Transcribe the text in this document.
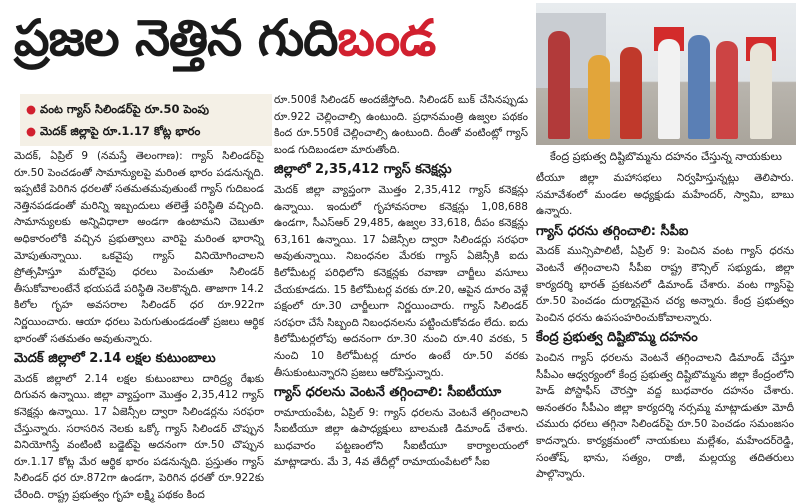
ప్రజల నెత్తిన గుదిబండ
కేంద్ర ప్రభుత్వ దిష్టిబొమ్మను దహనం చేస్తున్న నాయకులు
● వంట గ్యాస్ సిలిండర్‌పై రూ.50 పెంపు
● మెదక్ జిల్లాపై రూ.1.17 కోట్ల భారం

మెదక్, ఏప్రిల్ 9 (నమస్తే తెలంగాణ): గ్యాస్ సిలిండర్‌పై రూ.50 పెంచడంతో సామాన్యులపై మరింత భారం పడనున్నది. ఇప్పటికే పెరిగిన ధరలతో సతమతమవుతుంటే గ్యాస్ గుదిబండ నెత్తినపడడంతో మరిన్ని ఇబ్బందులు తలెత్తే పరిస్థితి వచ్చింది. సామాన్యులకు అన్నివిధాలా అండగా ఉంటామని చెబుతూ అధికారంలోకి వచ్చిన ప్రభుత్వాలు వారిపై మరింత భారాన్ని మోపుతున్నాయి. ఒకవైపు గ్యాస్ వినియోగించాలని ప్రోత్సహిస్తూ మరోవైపు ధరలు పెంచుతూ సిలిండర్‌ తీసుకోవాలంటేనే భయపడే పరిస్థితి నెలకొన్నది. తాజాగా 14.2 కిలోల గృహ అవసరాల సిలిండర్ ధర రూ.922గా నిర్ణయించారు. ఆయా ధరలు పెరుగుతుండడంతో ప్రజలు ఆర్థిక భారంతో సతమతం అవుతున్నారు.

మెదక్ జిల్లాలో 2.14 లక్షల కుటుంబాలు

మెదక్ జిల్లాలో 2.14 లక్షల కుటుంబాలు దారిద్ర్య రేఖకు దిగువన ఉన్నాయి. జిల్లా వ్యాప్తంగా మొత్తం 2,35,412 గ్యాస్ కనెక్షన్లు ఉన్నాయి. 17 ఏజెన్సీల ద్వారా సిలిండర్లను సరఫరా చేస్తున్నారు. సరాసరిన నెలకు ఒక్కో గ్యాస్ సిలిండర్‌ చొప్పున వినియోగిస్తే వంటింటి బడ్జెట్‌పై అదనంగా రూ.50 చొప్పున రూ.1.17 కోట్ల మేర ఆర్థిక భారం పడనున్నది. ప్రస్తుతం గ్యాస్ సిలిండర్ ధర రూ.872గా ఉండగా, పెరిగిన ధరతో రూ.922కు చేరింది. రాష్ట్ర ప్రభుత్వం గృహ లక్ష్మి పథకం కింద

రూ.500కే సిలిండర్ అందజేస్తోంది. సిలిండర్ బుక్ చేసినప్పుడు రూ.922 చెల్లించాల్సి ఉంటుంది. ప్రధానమంత్రి ఉజ్వల పథకం కింద రూ.550కే చెల్లించాల్సి ఉంటుంది. దీంతో వంటింట్లో గ్యాస్ బండ గుదిబండలా మారుతోంది.

జిల్లాలో 2,35,412 గ్యాస్ కనెక్షన్లు

మెదక్ జిల్లా వ్యాప్తంగా మొత్తం 2,35,412 గ్యాస్ కనెక్షన్లు ఉన్నాయి. ఇందులో గృహావసరాల కనెక్షన్లు 1,08,688 ఉండగా, సీఎస్‌ఆర్ 29,485, ఉజ్వల 33,618, దీపం కనెక్షన్లు 63,161 ఉన్నాయి. 17 ఏజెన్సీల ద్వారా సిలిండర్లు సరఫరా అవుతున్నాయి. నిబంధనల మేరకు గ్యాస్ ఏజెన్సీకి ఐదు కిలోమీటర్ల పరిధిలోని కనెక్షన్లకు రవాణా చార్జీలు వసూలు చేయకూడదు. 15 కిలోమీటర్ల వరకు రూ.20, ఆపైన దూరం వెళ్లే పక్షంలో రూ.30 చార్జీలుగా నిర్ణయించారు. గ్యాస్ సిలిండర్ సరఫరా చేసే సిబ్బంది నిబంధనలను పట్టించుకోవడం లేదు. ఐదు కిలోమీటర్లలోపు అదనంగా రూ.30 నుంచి రూ.40 వరకు, 5 నుంచి 10 కిలోమీటర్ల దూరం ఉంటే రూ.50 వరకు తీసుకుంటున్నారని ప్రజలు ఆరోపిస్తున్నారు.

గ్యాస్ ధరలను వెంటనే తగ్గించాలి: సీఐటీయూ

రామాయంపేట, ఏప్రిల్ 9: గ్యాస్ ధరలను వెంటనే తగ్గించాలని సీఐటీయూ జిల్లా ఉపాధ్యక్షులు బాలమణి డిమాండ్ చేశారు. బుధవారం పట్టణంలోని సీఐటీయూ కార్యాలయంలో మాట్లాడారు. మే 3, 4వ తేదీల్లో రామాయంపేటలో సీఐ

టీయూ జిల్లా మహాసభలు నిర్వహిస్తున్నట్లు తెలిపారు. సమావేశంలో మండల అధ్యక్షుడు మహేందర్, స్వామి, బాబు ఉన్నారు.

గ్యాస్ ధరను తగ్గించాలి: సీపీఐ

మెదక్ మున్సిపాలిటీ, ఏప్రిల్ 9: పెంచిన వంట గ్యాస్ ధరను వెంటనే తగ్గించాలని సీపీఐ రాష్ట్ర కౌన్సిల్ సభ్యుడు, జిల్లా కార్యదర్శి భారత్ ప్రకటనలో డిమాండ్ చేశారు. వంట గ్యాస్‌పై రూ.50 పెంచడం దుర్మార్గమైన చర్య అన్నారు. కేంద్ర ప్రభుత్వం పెంచిన ధరను ఉపసంహరించుకోవాలన్నారు.

కేంద్ర ప్రభుత్వ దిష్టిబొమ్మ దహనం

పెంచిన గ్యాస్ ధరలను వెంటనే తగ్గించాలని డిమాండ్ చేస్తూ సీపీఎం ఆధ్వర్యంలో కేంద్ర ప్రభుత్వ దిష్టిబొమ్మను జిల్లా కేంద్రంలోని హెడ్ పోస్టాఫీస్ చౌరస్తా వద్ద బుధవారం దహనం చేశారు. అనంతరం సీపీఎం జిల్లా కార్యదర్శి నర్సమ్మ మాట్లాడుతూ మోదీ చమురు ధరలు తగ్గినా సిలిండర్‌పై రూ.50 పెంచడం సమంజసం కాదన్నారు. కార్యక్రమంలో నాయకులు మల్లేశం, మహేందర్‌రెడ్డి, సంతోష్, భాను, సత్యం, రాజీ, మల్లయ్య తదితరులు పాల్గొన్నారు.
